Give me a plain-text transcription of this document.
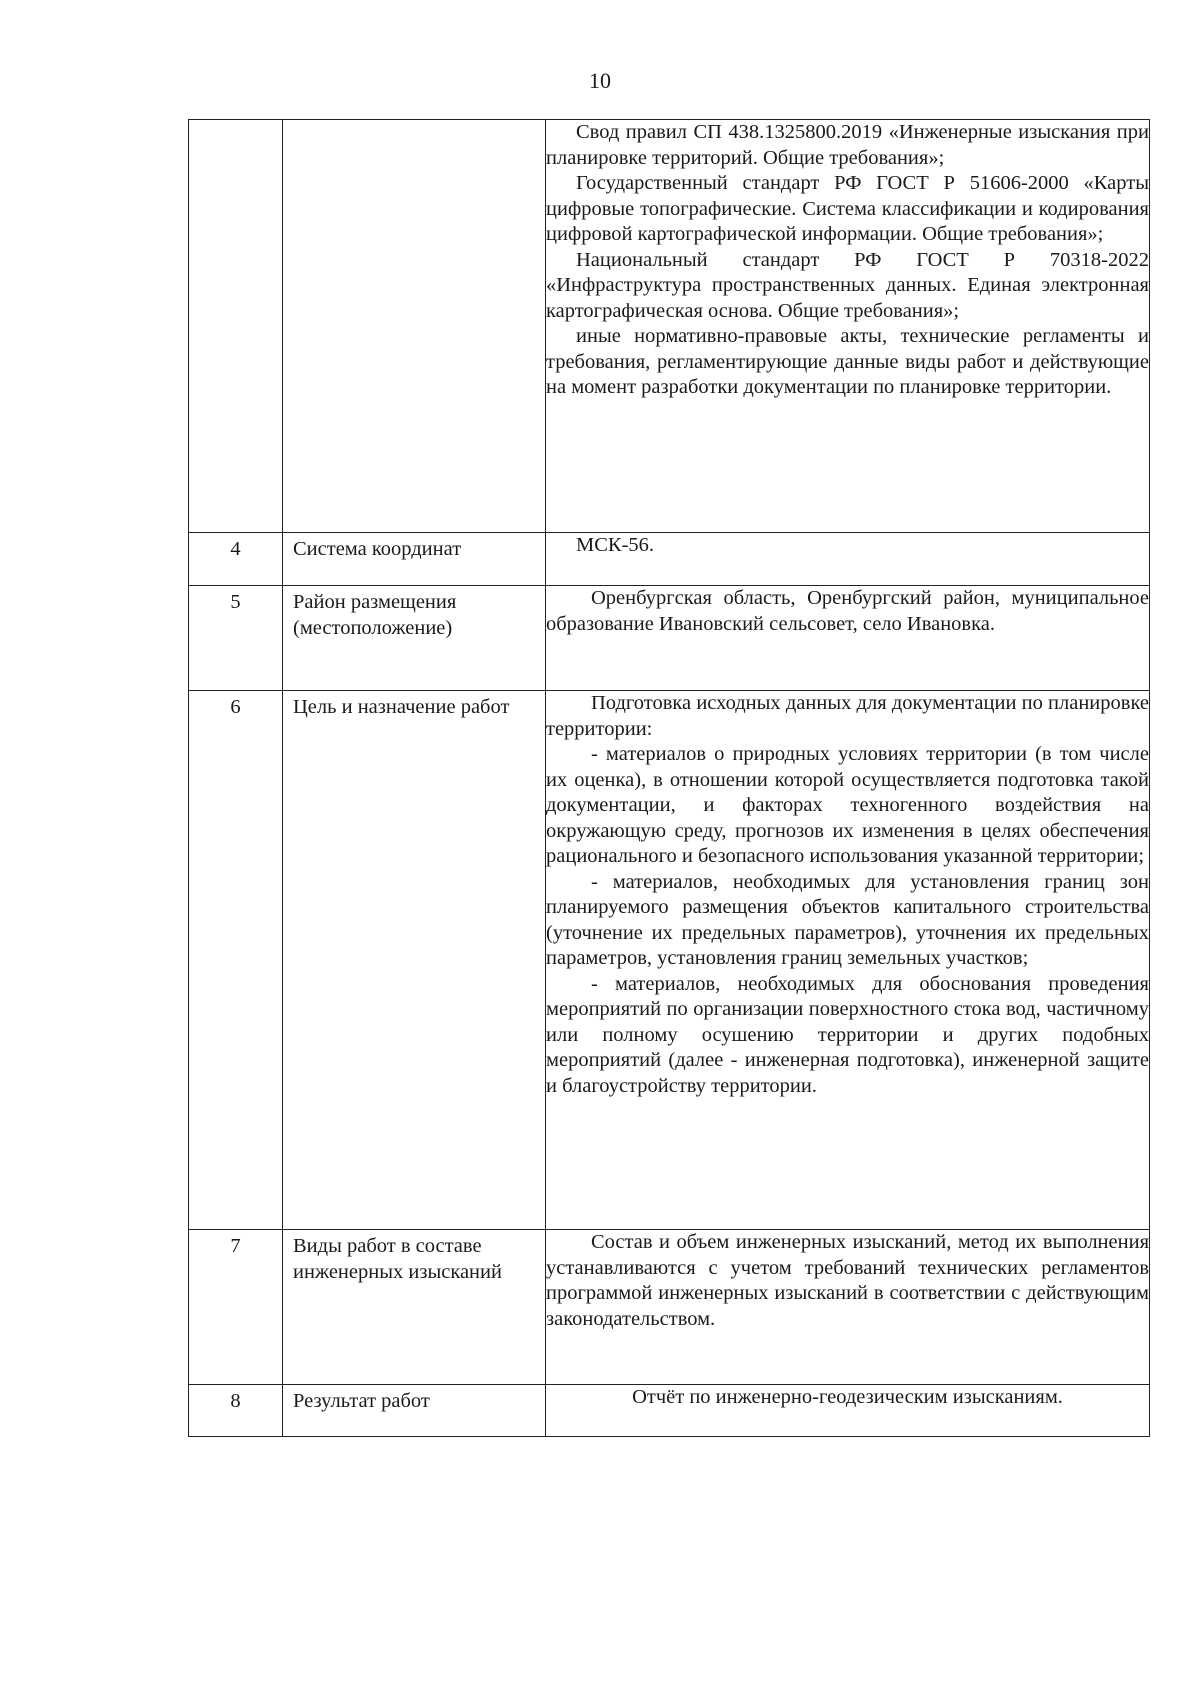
10

		Свод правил СП 438.1325800.2019 «Инженерные изыскания при планировке территорий. Общие требования»;

Государственный стандарт РФ ГОСТ Р 51606-2000 «Карты цифровые топографические. Система классификации и кодирования цифровой картографической информации. Общие требования»;

Национальный стандарт РФ ГОСТ Р 70318-2022 «Инфраструктура пространственных данных. Единая электронная картографическая основа. Общие требования»;

иные нормативно-правовые акты, технические регламенты и требования, регламентирующие данные виды работ и действующие на момент разработки документации по планировке территории.

4	Система координат	МСК-56.

5	Район размещения (местоположение)	Оренбургская область, Оренбургский район, муниципальное образование Ивановский сельсовет, село Ивановка.

6	Цель и назначение работ	Подготовка исходных данных для документации по планировке территории:

- материалов о природных условиях территории (в том числе их оценка), в отношении которой осуществляется подготовка такой документации, и факторах техногенного воздействия на окружающую среду, прогнозов их изменения в целях обеспечения рационального и безопасного использования указанной территории;

- материалов, необходимых для установления границ зон планируемого размещения объектов капитального строительства (уточнение их предельных параметров), уточнения их предельных параметров, установления границ земельных участков;

- материалов, необходимых для обоснования проведения мероприятий по организации поверхностного стока вод, частичному или полному осушению территории и других подобных мероприятий (далее - инженерная подготовка), инженерной защите и благоустройству территории.

7	Виды работ в составе инженерных изысканий	Состав и объем инженерных изысканий, метод их выполнения устанавливаются с учетом требований технических регламентов программой инженерных изысканий в соответствии с действующим законодательством.

8	Результат работ	Отчёт по инженерно-геодезическим изысканиям.
